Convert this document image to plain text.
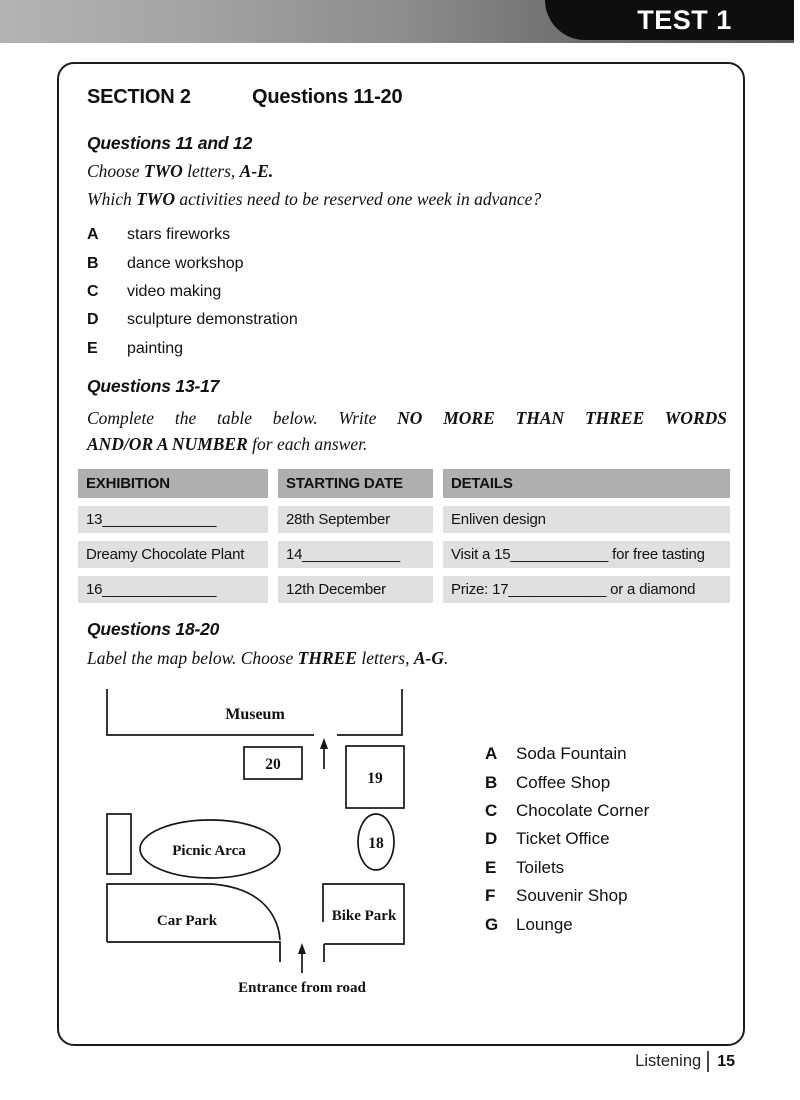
TEST 1
SECTION 2	Questions 11-20
Questions 11 and 12
Choose TWO letters, A-E.
Which TWO activities need to be reserved one week in advance?
A	stars fireworks
B	dance workshop
C	video making
D	sculpture demonstration
E	painting
Questions 13-17
Complete the table below. Write NO MORE THAN THREE WORDS
AND/OR A NUMBER for each answer.
EXHIBITION	STARTING DATE	DETAILS
13______________	28th September	Enliven design
Dreamy Chocolate Plant	14____________	Visit a 15____________ for free tasting
16______________	12th December	Prize: 17____________ or a diamond
Questions 18-20
Label the map below. Choose THREE letters, A-G.
Museum
20
19
18
Picnic Arca
Car Park	Bike Park
Entrance from road
A	Soda Fountain
B	Coffee Shop
C	Chocolate Corner
D	Ticket Office
E	Toilets
F	Souvenir Shop
G	Lounge
Listening 15
